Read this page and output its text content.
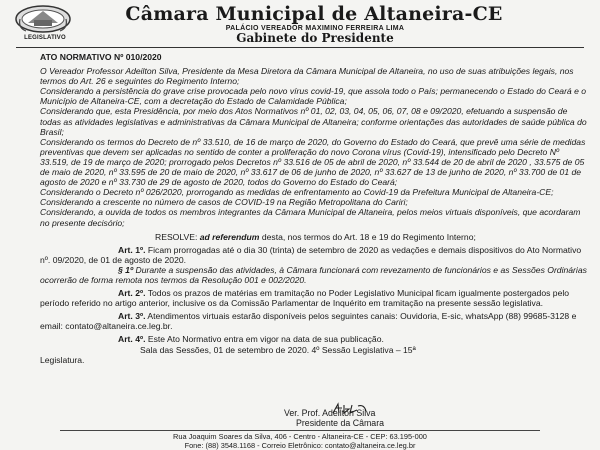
LEGISLATIVO
Câmara Municipal de Altaneira-CE
PALÁCIO VEREADOR MAXIMINO FERREIRA LIMA
Gabinete do Presidente

ATO NORMATIVO Nº 010/2020

O Vereador Professor Adeilton Silva, Presidente da Mesa Diretora da Câmara Municipal de Altaneira, no uso de suas atribuições legais, nos termos do Art. 26 e seguintes do Regimento Interno;

Considerando a persistência do grave crise provocada pelo novo vírus covid-19, que assola todo o País; permanecendo o Estado do Ceará e o Município de Altaneira-CE, com a decretação do Estado de Calamidade Pública;

Considerando que, esta Presidência, por meio dos Atos Normativos nº 01, 02, 03, 04, 05, 06, 07, 08 e 09/2020, efetuando a suspensão de todas as atividades legislativas e administrativas da Câmara Municipal de Altaneira; conforme orientações das autoridades de saúde pública do Brasil;

Considerando os termos do Decreto de nº 33.510, de 16 de março de 2020, do Governo do Estado do Ceará, que prevê uma série de medidas preventivas que devem ser aplicadas no sentido de conter a proliferação do novo Corona vírus (Covid-19), intensificado pelo Decreto Nº 33.519, de 19 de março de 2020; prorrogado pelos Decretos nº 33.516 de 05 de abril de 2020, nº 33.544 de 20 de abril de 2020 , 33.575 de 05 de maio de 2020, nº 33.595 de 20 de maio de 2020, nº 33.617 de 06 de junho de 2020, nº 33.627 de 13 de junho de 2020, nº 33.700 de 01 de agosto de 2020 e nº 33.730 de 29 de agosto de 2020, todos do Governo do Estado do Ceará;

Considerando o Decreto nº 026/2020, prorrogando as medidas de enfrentamento ao Covid-19 da Prefeitura Municipal de Altaneira-CE;

Considerando a crescente no número de casos de COVID-19 na Região Metropolitana do Cariri;

Considerando, a ouvida de todos os membros integrantes da Câmara Municipal de Altaneira, pelos meios virtuais disponíveis, que acordaram no presente decisório;

RESOLVE: ad referendum desta, nos termos do Art. 18 e 19 do Regimento Interno;

Art. 1º. Ficam prorrogadas até o dia 30 (trinta) de setembro de 2020 as vedações e demais dispositivos do Ato Normativo nº. 09/2020, de 01 de agosto de 2020.

§ 1º Durante a suspensão das atividades, à Câmara funcionará com revezamento de funcionários e as Sessões Ordinárias ocorrerão de forma remota nos termos da Resolução 001 e 002/2020.

Art. 2º. Todos os prazos de matérias em tramitação no Poder Legislativo Municipal ficam igualmente postergados pelo período referido no artigo anterior, inclusive os da Comissão Parlamentar de Inquérito em tramitação na presente sessão legislativa.

Art. 3º. Atendimentos virtuais estarão disponíveis pelos seguintes canais: Ouvidoria, E-sic, whatsApp (88) 99685-3128 e email: contato@altaneira.ce.leg.br.

Art. 4º. Este Ato Normativo entra em vigor na data de sua publicação.

Sala das Sessões, 01 de setembro de 2020. 4º Sessão Legislativa – 15ª

Legislatura.

Ver. Prof. Adeilton Silva
Presidente da Câmara
Rua Joaquim Soares da Silva, 406 - Centro - Altaneira-CE - CEP: 63.195-000
Fone: (88) 3548.1168 - Correio Eletrônico: contato@altaneira.ce.leg.br
